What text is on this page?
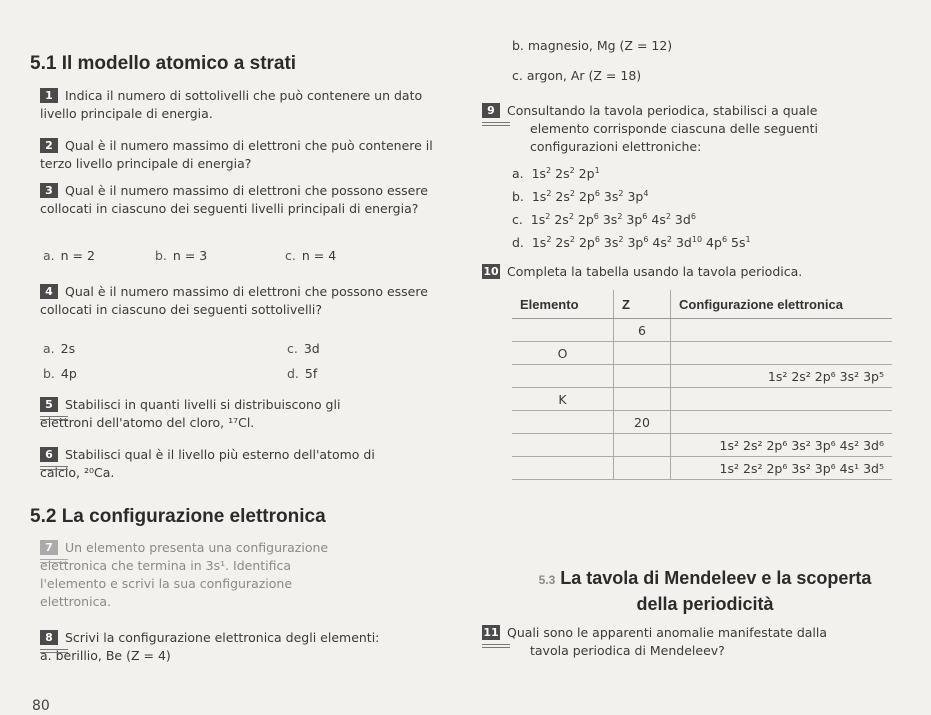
5.1 Il modello atomico a strati
1 Indica il numero di sottolivelli che può contenere un dato livello principale di energia.
2 Qual è il numero massimo di elettroni che può contenere il terzo livello principale di energia?
3 Qual è il numero massimo di elettroni che possono essere collocati in ciascuno dei seguenti livelli principali di energia?
a. n = 2	b. n = 3	c. n = 4
4 Qual è il numero massimo di elettroni che possono essere collocati in ciascuno dei seguenti sottolivelli?
a. 2s	c. 3d
b. 4p	d. 5f
5 Stabilisci in quanti livelli si distribuiscono gli
elettroni dell'atomo del cloro, ¹⁷Cl.
6 Stabilisci qual è il livello più esterno dell'atomo di
calcio, ²⁰Ca.
5.2 La configurazione elettronica
7 Un elemento presenta una configurazione
elettronica che termina in 3s¹. Identifica
l'elemento e scrivi la sua configurazione
elettronica.
8 Scrivi la configurazione elettronica degli elementi:
a. berillio, Be (Z = 4)
80
b. magnesio, Mg (Z = 12)
c. argon, Ar (Z = 18)
9 Consultando la tavola periodica, stabilisci a quale
elemento corrisponde ciascuna delle seguenti
configurazioni elettroniche:
a.  $1s^2$ $2s^2$ $2p^1$
b.  $1s^2$ $2s^2$ $2p^6$ $3s^2$ $3p^4$
c.  $1s^2$ $2s^2$ $2p^6$ $3s^2$ $3p^6$ $4s^2$ $3d^6$
d.  $1s^2$ $2s^2$ $2p^6$ $3s^2$ $3p^6$ $4s^2$ $3d^{10}$ $4p^6$ $5s^1$
10 Completa la tabella usando la tavola periodica.
Elemento	Z	Configurazione elettronica
	6	
O		
		1s² 2s² 2p⁶ 3s² 3p⁵
K		
	20	
		1s² 2s² 2p⁶ 3s² 3p⁶ 4s² 3d⁶
		1s² 2s² 2p⁶ 3s² 3p⁶ 4s¹ 3d⁵
5.3 La tavola di Mendeleev e la scoperta
della periodicità
11 Quali sono le apparenti anomalie manifestate dalla
tavola periodica di Mendeleev?
